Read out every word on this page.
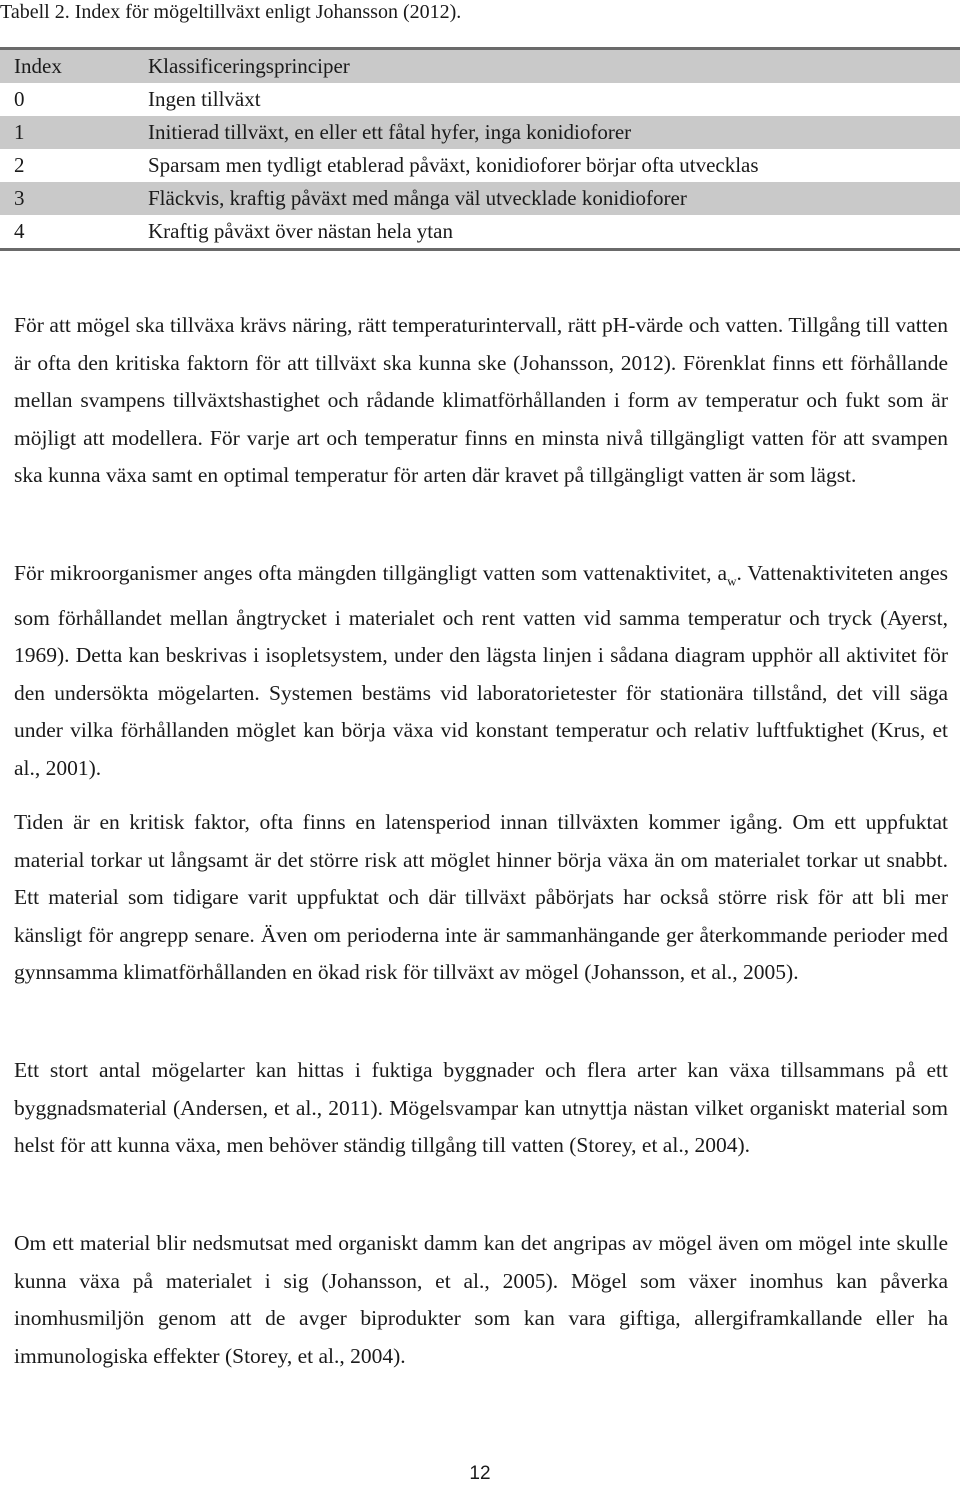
Tabell 2. Index för mögeltillväxt enligt Johansson (2012).
Index	Klassificeringsprinciper
0	Ingen tillväxt
1	Initierad tillväxt, en eller ett fåtal hyfer, inga konidioforer
2	Sparsam men tydligt etablerad påväxt, konidioforer börjar ofta utvecklas
3	Fläckvis, kraftig påväxt med många väl utvecklade konidioforer
4	Kraftig påväxt över nästan hela ytan

För att mögel ska tillväxa krävs näring, rätt temperaturintervall, rätt pH-värde och vatten. Tillgång till vatten är ofta den kritiska faktorn för att tillväxt ska kunna ske (Johansson, 2012). Förenklat finns ett förhållande mellan svampens tillväxtshastighet och rådande klimatförhållanden i form av temperatur och fukt som är möjligt att modellera. För varje art och temperatur finns en minsta nivå tillgängligt vatten för att svampen ska kunna växa samt en optimal temperatur för arten där kravet på tillgängligt vatten är som lägst.

För mikroorganismer anges ofta mängden tillgängligt vatten som vattenaktivitet, $a_w$. Vattenaktiviteten anges som förhållandet mellan ångtrycket i materialet och rent vatten vid samma temperatur och tryck (Ayerst, 1969). Detta kan beskrivas i isopletsystem, under den lägsta linjen i sådana diagram upphör all aktivitet för den undersökta mögelarten. Systemen bestäms vid laboratorietester för stationära tillstånd, det vill säga under vilka förhållanden möglet kan börja växa vid konstant temperatur och relativ luftfuktighet (Krus, et al., 2001).

Tiden är en kritisk faktor, ofta finns en latensperiod innan tillväxten kommer igång. Om ett uppfuktat material torkar ut långsamt är det större risk att möglet hinner börja växa än om materialet torkar ut snabbt. Ett material som tidigare varit uppfuktat och där tillväxt påbörjats har också större risk för att bli mer känsligt för angrepp senare. Även om perioderna inte är sammanhängande ger återkommande perioder med gynnsamma klimatförhållanden en ökad risk för tillväxt av mögel (Johansson, et al., 2005).

Ett stort antal mögelarter kan hittas i fuktiga byggnader och flera arter kan växa tillsammans på ett byggnadsmaterial (Andersen, et al., 2011). Mögelsvampar kan utnyttja nästan vilket organiskt material som helst för att kunna växa, men behöver ständig tillgång till vatten (Storey, et al., 2004).

Om ett material blir nedsmutsat med organiskt damm kan det angripas av mögel även om mögel inte skulle kunna växa på materialet i sig (Johansson, et al., 2005). Mögel som växer inomhus kan påverka inomhusmiljön genom att de avger biprodukter som kan vara giftiga, allergiframkallande eller ha immunologiska effekter (Storey, et al., 2004).

12
